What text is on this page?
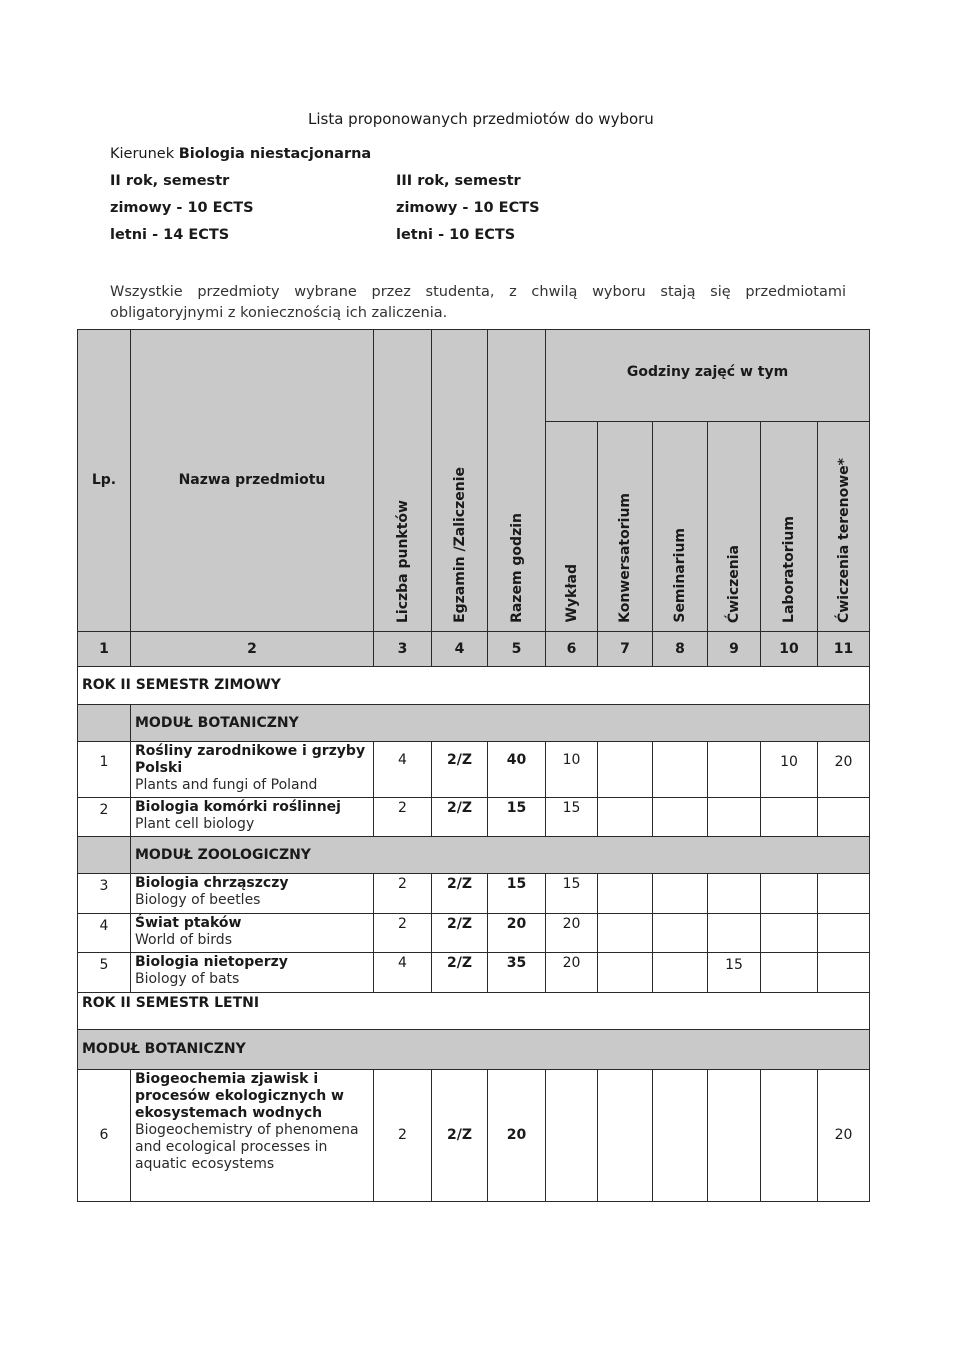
Lista proponowanych przedmiotów do wyboru
Kierunek Biologia niestacjonarna
II rok, semestr
zimowy - 10 ECTS
letni - 14 ECTS
III rok, semestr
zimowy - 10 ECTS
letni - 10 ECTS
Wszystkie przedmioty wybrane przez studenta, z chwilą wyboru stają się przedmiotami obligatoryjnymi z koniecznością ich zaliczenia.
Lp.	Nazwa przedmiotu	Liczba punktów	Egzamin /Zaliczenie	Razem godzin	Godziny zajęć w tym					

					Wykład	Konwersatorium	Seminarium	Ćwiczenia	Laboratorium	Ćwiczenia terenowe*

1	2	3	4	5	6	7	8	9	10	11
ROK II SEMESTR ZIMOWY										
	MODUŁ BOTANICZNY									
1	Rośliny zarodnikowe i grzyby Polski
Plants and fungi of Poland	4	2/Z	40	10				10	20
2	Biologia komórki roślinnej
Plant cell biology	2	2/Z	15	15					
	MODUŁ ZOOLOGICZNY									
3	Biologia chrząszczy
Biology of beetles	2	2/Z	15	15					
4	Świat ptaków
World of birds	2	2/Z	20	20					
5	Biologia nietoperzy
Biology of bats	4	2/Z	35	20			15		
ROK II SEMESTR LETNI										
MODUŁ BOTANICZNY										
6	Biogeochemia zjawisk i procesów ekologicznych w ekosystemach wodnych
Biogeochemistry of phenomena and ecological processes in aquatic ecosystems	2	2/Z	20						20
